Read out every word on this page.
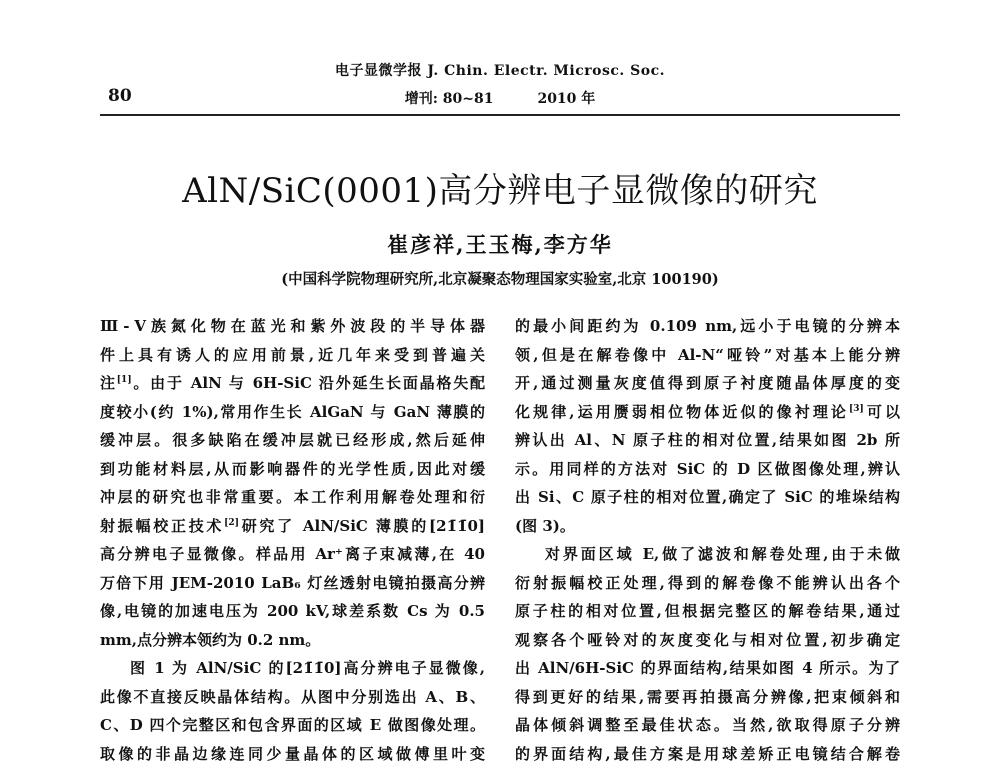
电子显微学报 J. Chin. Electr. Microsc. Soc.
80	增刊: 80~81	2010 年
AlN/SiC(0001)高分辨电子显微像的研究
崔彦祥,王玉梅,李方华
(中国科学院物理研究所,北京凝聚态物理国家实验室,北京 100190)
Ⅲ-Ⅴ族氮化物在蓝光和紫外波段的半导体器
件上具有诱人的应用前景,近几年来受到普遍关
注[1]。由于 AlN 与 6H-SiC 沿外延生长面晶格失配
度较小(约 1%),常用作生长 AlGaN 与 GaN 薄膜的
缓冲层。很多缺陷在缓冲层就已经形成,然后延伸
到功能材料层,从而影响器件的光学性质,因此对缓
冲层的研究也非常重要。本工作利用解卷处理和衍
射振幅校正技术[2]研究了 AlN/SiC 薄膜的[21̄1̄0]
高分辨电子显微像。样品用 Ar⁺离子束减薄,在 40
万倍下用 JEM-2010 LaB₆ 灯丝透射电镜拍摄高分辨
像,电镜的加速电压为 200 kV,球差系数 Cs 为 0.5
mm,点分辨本领约为 0.2 nm。
图 1 为 AlN/SiC 的[21̄1̄0]高分辨电子显微像,
此像不直接反映晶体结构。从图中分别选出 A、B、
C、D 四个完整区和包含界面的区域 E 做图像处理。
取像的非晶边缘连同少量晶体的区域做傅里叶变
的最小间距约为 0.109 nm,远小于电镜的分辨本
领,但是在解卷像中 Al-N“哑铃”对基本上能分辨
开,通过测量灰度值得到原子衬度随晶体厚度的变
化规律,运用赝弱相位物体近似的像衬理论[3]可以
辨认出 Al、N 原子柱的相对位置,结果如图 2b 所
示。用同样的方法对 SiC 的 D 区做图像处理,辨认
出 Si、C 原子柱的相对位置,确定了 SiC 的堆垛结构
(图 3)。
对界面区域 E,做了滤波和解卷处理,由于未做
衍射振幅校正处理,得到的解卷像不能辨认出各个
原子柱的相对位置,但根据完整区的解卷结果,通过
观察各个哑铃对的灰度变化与相对位置,初步确定
出 AlN/6H-SiC 的界面结构,结果如图 4 所示。为了
得到更好的结果,需要再拍摄高分辨像,把束倾斜和
晶体倾斜调整至最佳状态。当然,欲取得原子分辨
的界面结构,最佳方案是用球差矫正电镜结合解卷
